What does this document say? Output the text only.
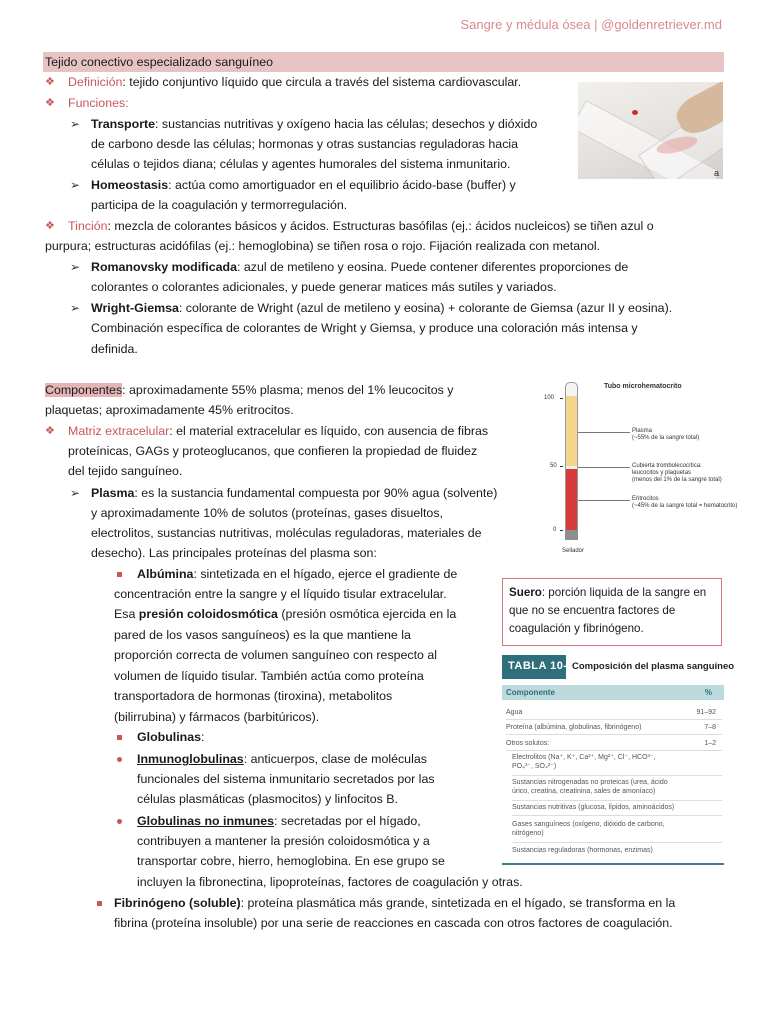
Sangre y médula ósea | @goldenretriever.md
Tejido conectivo especializado sanguíneo
❖ Definición: tejido conjuntivo líquido que circula a través del sistema cardiovascular.
❖ Funciones:
➢ Transporte: sustancias nutritivas y oxígeno hacia las células; desechos y dióxido
de carbono desde las células; hormonas y otras sustancias reguladoras hacia
células o tejidos diana; células y agentes humorales del sistema inmunitario.
➢ Homeostasis: actúa como amortiguador en el equilibrio ácido-base (buffer) y
participa de la coagulación y termorregulación.
a
❖ Tinción: mezcla de colorantes básicos y ácidos. Estructuras basófilas (ej.: ácidos nucleicos) se tiñen azul o
purpura; estructuras acidófilas (ej.: hemoglobina) se tiñen rosa o rojo. Fijación realizada con metanol.
➢ Romanovsky modificada: azul de metileno y eosina. Puede contener diferentes proporciones de
colorantes o colorantes adicionales, y puede generar matices más sutiles y variados.
➢ Wright-Giemsa: colorante de Wright (azul de metileno y eosina) + colorante de Giemsa (azur II y eosina).
Combinación específica de colorantes de Wright y Giemsa, y produce una coloración más intensa y
definida.
Componentes: aproximadamente 55% plasma; menos del 1% leucocitos y
plaquetas; aproximadamente 45% eritrocitos.
❖ Matriz extracelular: el material extracelular es líquido, con ausencia de fibras
proteínicas, GAGs y proteoglucanos, que confieren la propiedad de fluidez
del tejido sanguíneo.
➢ Plasma: es la sustancia fundamental compuesta por 90% agua (solvente)
y aproximadamente 10% de solutos (proteínas, gases disueltos,
electrolitos, sustancias nutritivas, moléculas reguladoras, materiales de
desecho). Las principales proteínas del plasma son:
Tubo microhematocrito
100
50
0
Plasma
(~55% de la sangre total)
Cubierta trombolecocítica:
leucocitos y plaquetas
(menos del 1% de la sangre total)
Eritrocitos
(~45% de la sangre total = hematocrito)
Sellador
Albúmina: sintetizada en el hígado, ejerce el gradiente de
concentración entre la sangre y el líquido tisular extracelular.
Esa presión coloidosmótica (presión osmótica ejercida en la
pared de los vasos sanguíneos) es la que mantiene la
proporción correcta de volumen sanguíneo con respecto al
volumen de líquido tisular. También actúa como proteína
transportadora de hormonas (tiroxina), metabolitos
(bilirrubina) y fármacos (barbitúricos).
Suero: porción liquida de la sangre en
que no se encuentra factores de
coagulación y fibrinógeno.
TABLA 10-2
Composición del plasma sanguíneo
Componente	%
Agua	91–92
Proteína (albúmina, globulinas, fibrinógeno)	7–8
Otros solutos:	1–2
Electrolitos (Na⁺, K⁺, Ca²⁺, Mg²⁺, Cl⁻, HCO³⁻,
PO₄³⁻, SO₄²⁻)
Sustancias nitrogenadas no proteicas (urea, ácido
úrico, creatina, creatinina, sales de amoníaco)
Sustancias nutritivas (glucosa, lípidos, aminoácidos)
Gases sanguíneos (oxígeno, dióxido de carbono,
nitrógeno)
Sustancias reguladoras (hormonas, enzimas)
Globulinas:
Inmunoglobulinas: anticuerpos, clase de moléculas
funcionales del sistema inmunitario secretados por las
células plasmáticas (plasmocitos) y linfocitos B.
Globulinas no inmunes: secretadas por el hígado,
contribuyen a mantener la presión coloidosmótica y a
transportar cobre, hierro, hemoglobina. En ese grupo se
incluyen la fibronectina, lipoproteínas, factores de coagulación y otras.
Fibrinógeno (soluble): proteína plasmática más grande, sintetizada en el hígado, se transforma en la
fibrina (proteína insoluble) por una serie de reacciones en cascada con otros factores de coagulación.
